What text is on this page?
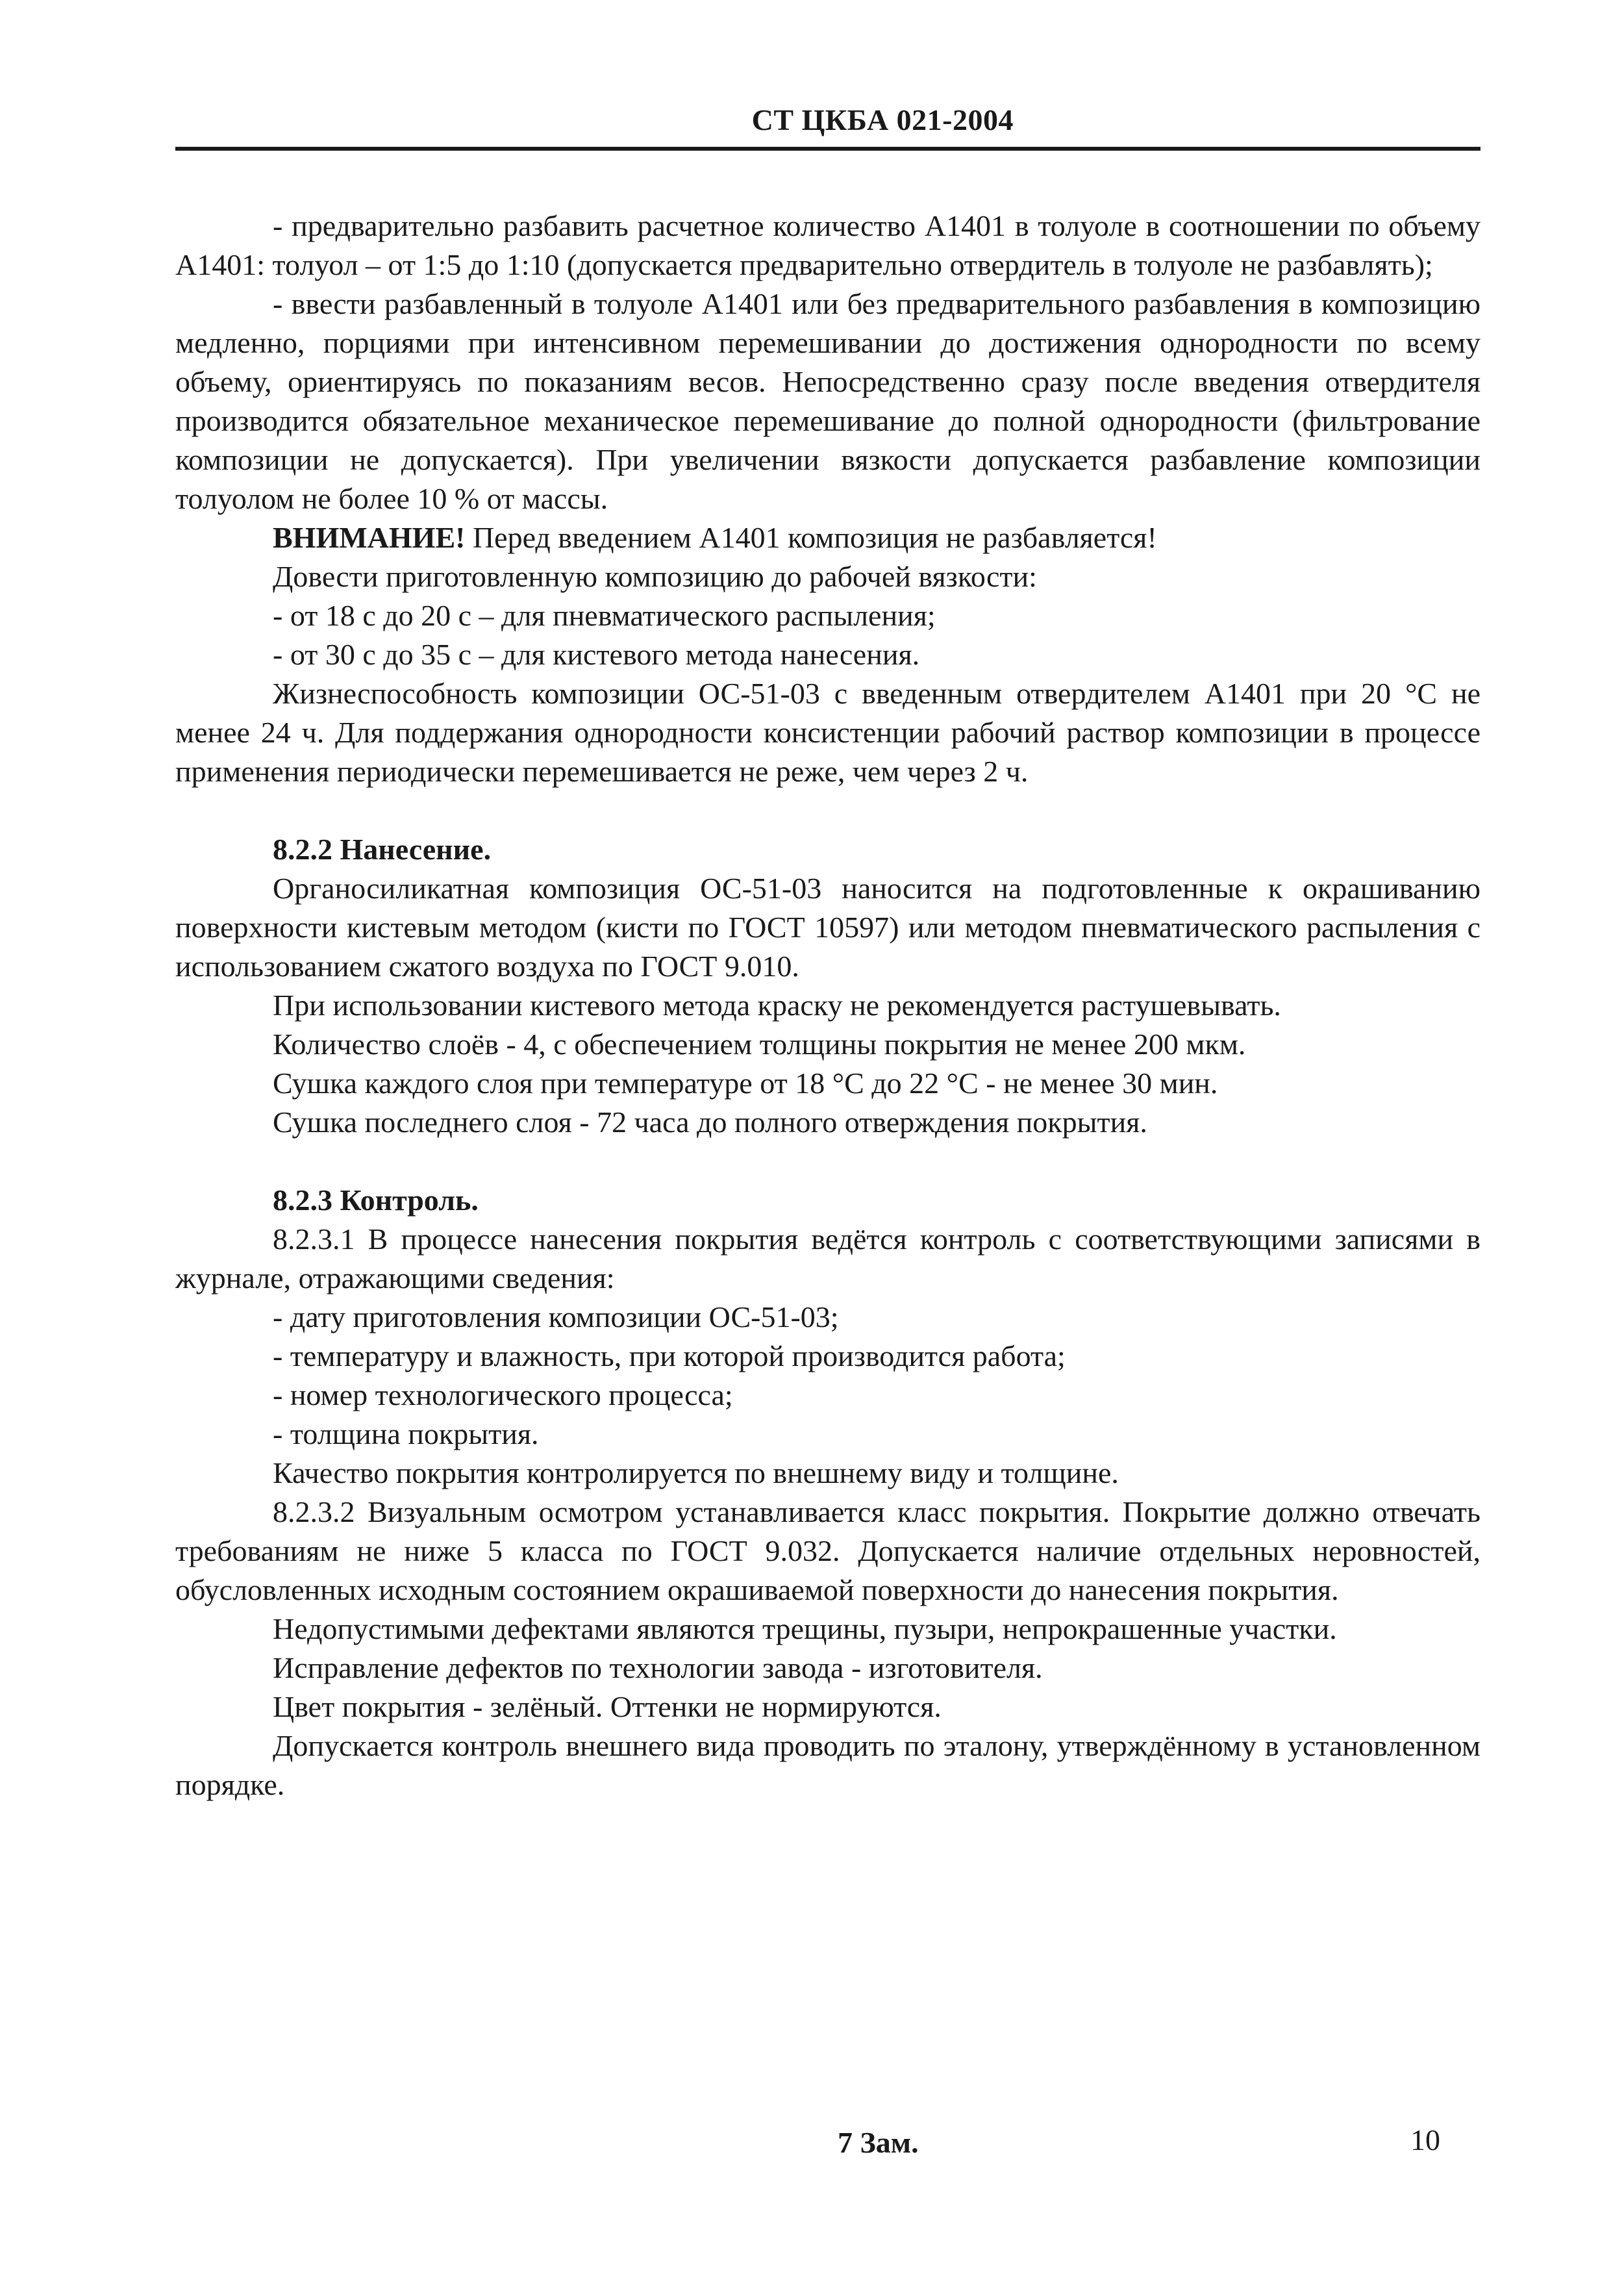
СТ ЦКБА 021-2004

- предварительно разбавить расчетное количество А1401 в толуоле в соотношении по объему А1401: толуол – от 1:5 до 1:10 (допускается предварительно отвердитель в толуоле не разбавлять);

- ввести разбавленный в толуоле А1401 или без предварительного разбавления в композицию медленно, порциями при интенсивном перемешивании до достижения однородности по всему объему, ориентируясь по показаниям весов. Непосредственно сразу после введения отвердителя производится обязательное механическое перемешивание до полной однородности (фильтрование композиции не допускается). При увеличении вязкости допускается разбавление композиции толуолом не более 10 % от массы.

ВНИМАНИЕ! Перед введением А1401 композиция не разбавляется!

Довести приготовленную композицию до рабочей вязкости:

- от 18 с до 20 с – для пневматического распыления;

- от 30 с до 35 с – для кистевого метода нанесения.

Жизнеспособность композиции ОС-51-03 с введенным отвердителем А1401 при 20 °С не менее 24 ч. Для поддержания однородности консистенции рабочий раствор композиции в процессе применения периодически перемешивается не реже, чем через 2 ч.

8.2.2 Нанесение.

Органосиликатная композиция ОС-51-03 наносится на подготовленные к окрашиванию поверхности кистевым методом (кисти по ГОСТ 10597) или методом пневматического распыления с использованием сжатого воздуха по ГОСТ 9.010.

При использовании кистевого метода краску не рекомендуется растушевывать.

Количество слоёв - 4, с обеспечением толщины покрытия не менее 200 мкм.

Сушка каждого слоя при температуре от 18 °С до 22 °С - не менее 30 мин.

Сушка последнего слоя - 72 часа до полного отверждения покрытия.

8.2.3 Контроль.

8.2.3.1 В процессе нанесения покрытия ведётся контроль с соответствующими записями в журнале, отражающими сведения:

- дату приготовления композиции ОС-51-03;

- температуру и влажность, при которой производится работа;

- номер технологического процесса;

- толщина покрытия.

Качество покрытия контролируется по внешнему виду и толщине.

8.2.3.2 Визуальным осмотром устанавливается класс покрытия. Покрытие должно отвечать требованиям не ниже 5 класса по ГОСТ 9.032. Допускается наличие отдельных неровностей, обусловленных исходным состоянием окрашиваемой поверхности до нанесения покрытия.

Недопустимыми дефектами являются трещины, пузыри, непрокрашенные участки.

Исправление дефектов по технологии завода - изготовителя.

Цвет покрытия - зелёный. Оттенки не нормируются.

Допускается контроль внешнего вида проводить по эталону, утверждённому в установленном порядке.

7 Зам.	10
